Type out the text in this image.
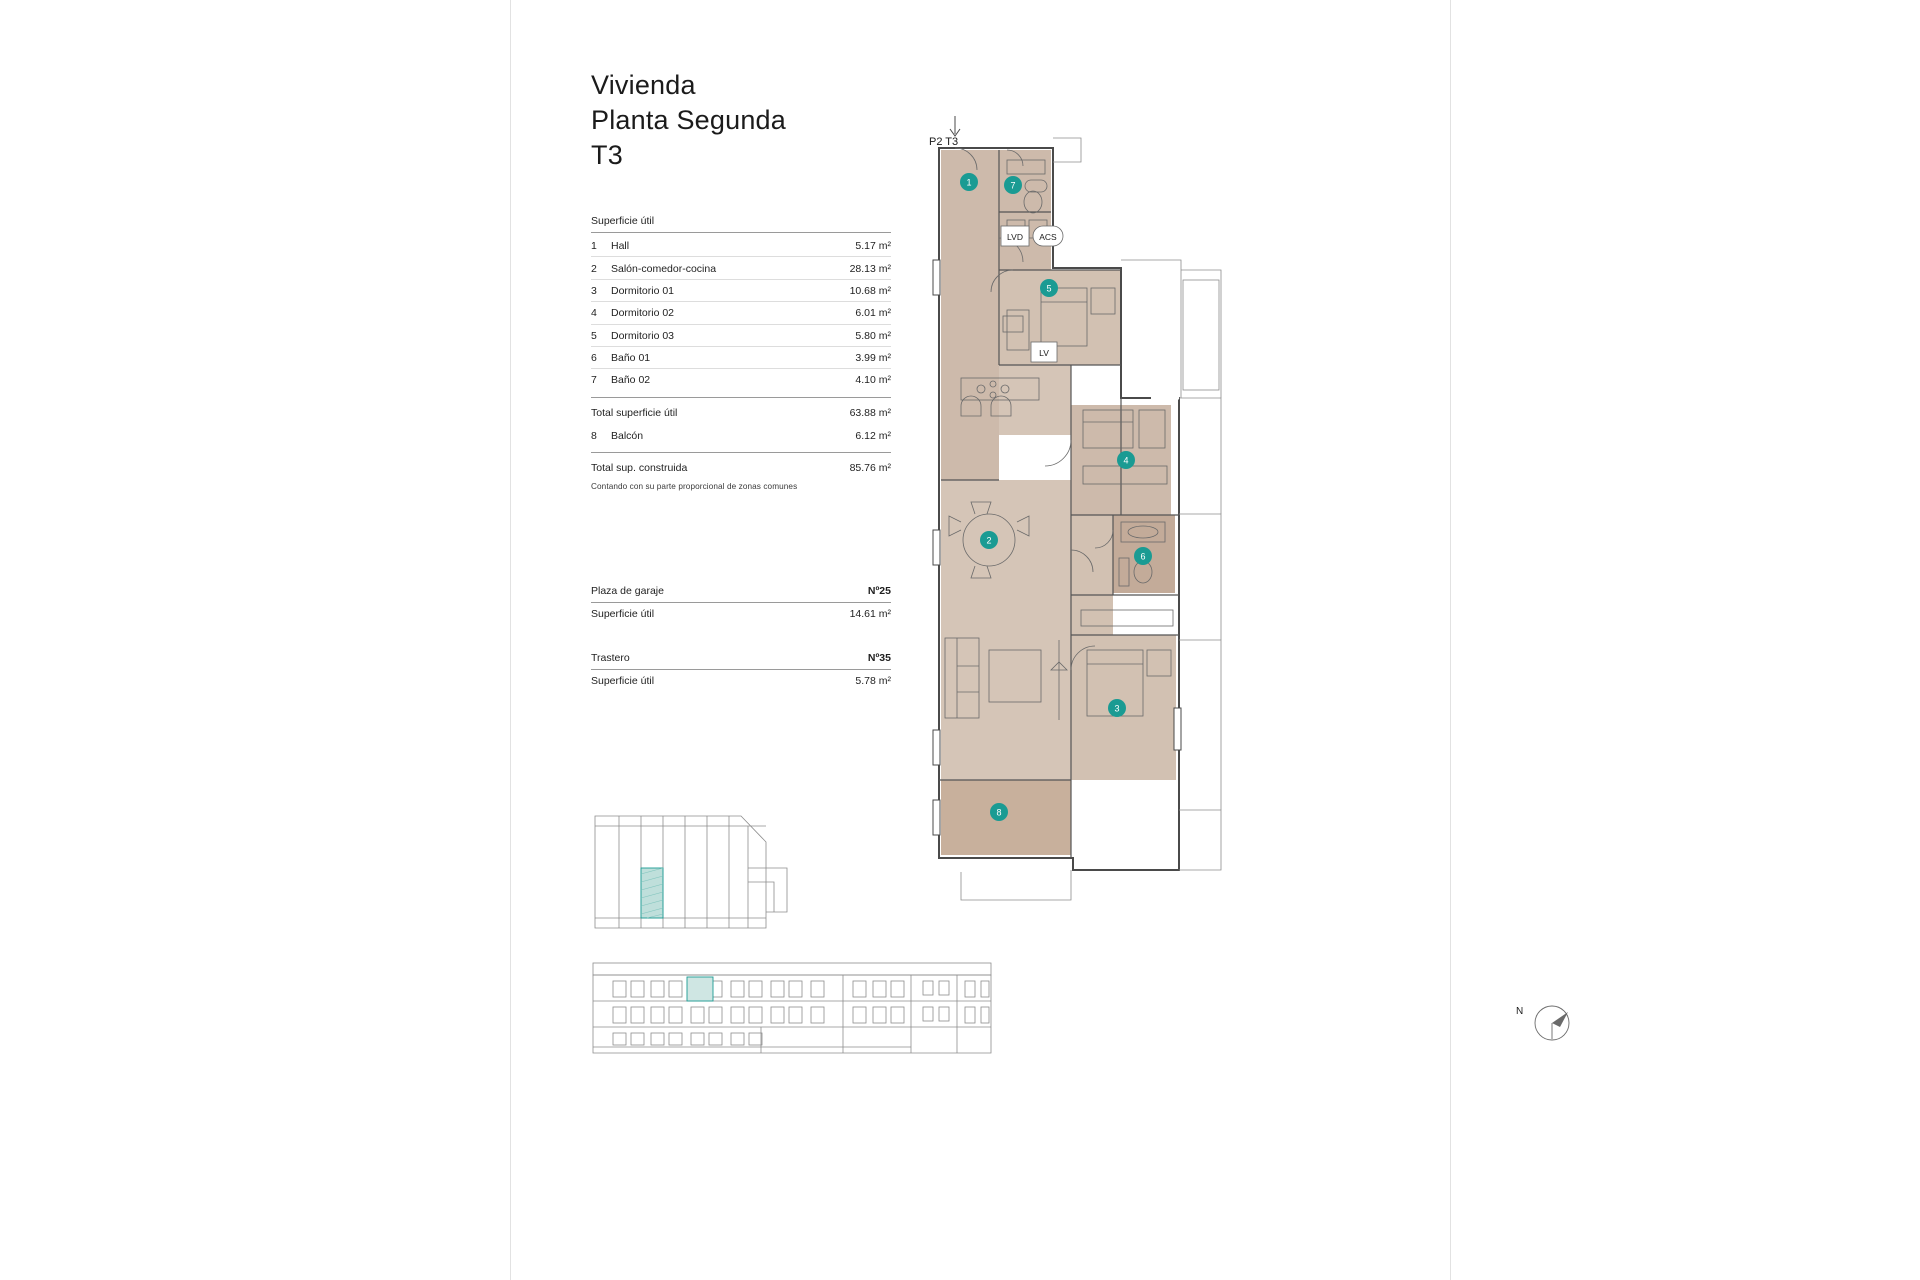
Vivienda
Planta Segunda
T3
Superficie útil
1	Hall	5.17 m²
2	Salón-comedor-cocina	28.13 m²
3	Dormitorio 01	10.68 m²
4	Dormitorio 02	6.01 m²
5	Dormitorio 03	5.80 m²
6	Baño 01	3.99 m²
7	Baño 02	4.10 m²
Total superficie útil	63.88 m²
8	Balcón	6.12 m²
Total sup. construida	85.76 m²
Contando con su parte proporcional de zonas comunes
Plaza de garaje	Nº25
Superficie útil	14.61 m²
Trastero	Nº35
Superficie útil	5.78 m²
P2 T3
LVD ACS
LV
1	7
5
4
2
6
3
8
N
